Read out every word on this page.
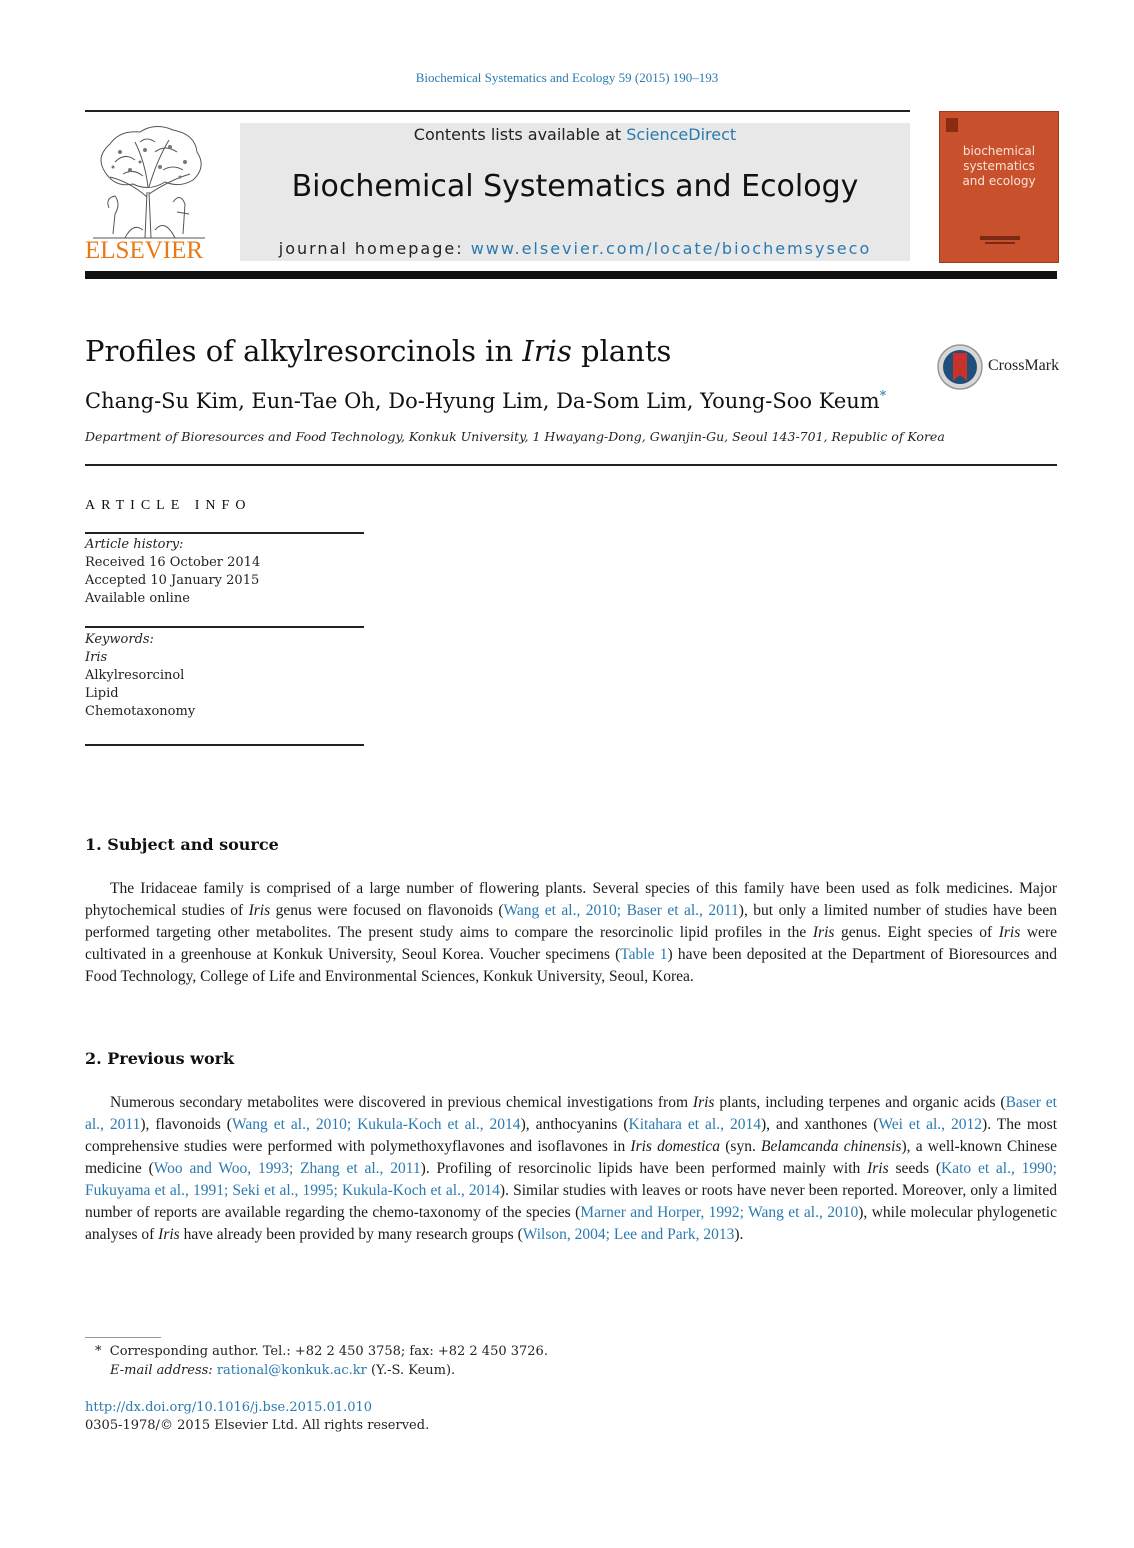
Biochemical Systematics and Ecology 59 (2015) 190–193
ELSEVIER
Contents lists available at ScienceDirect
Biochemical Systematics and Ecology
journal homepage: www.elsevier.com/locate/biochemsyseco
biochemical
systematics
and ecology
Profiles of alkylresorcinols in Iris plants	CrossMark
Chang-Su Kim, Eun-Tae Oh, Do-Hyung Lim, Da-Som Lim, Young-Soo Keum*
Department of Bioresources and Food Technology, Konkuk University, 1 Hwayang-Dong, Gwanjin-Gu, Seoul 143-701, Republic of Korea
ARTICLE INFO
Article history:
Received 16 October 2014
Accepted 10 January 2015
Available online
Keywords:
Iris
Alkylresorcinol
Lipid
Chemotaxonomy
1. Subject and source

The Iridaceae family is comprised of a large number of flowering plants. Several species of this family have been used as folk medicines. Major phytochemical studies of Iris genus were focused on flavonoids (Wang et al., 2010; Baser et al., 2011), but only a limited number of studies have been performed targeting other metabolites. The present study aims to compare the resorcinolic lipid profiles in the Iris genus. Eight species of Iris were cultivated in a greenhouse at Konkuk University, Seoul Korea. Voucher specimens (Table 1) have been deposited at the Department of Bioresources and Food Technology, College of Life and Environmental Sciences, Konkuk University, Seoul, Korea.

2. Previous work

Numerous secondary metabolites were discovered in previous chemical investigations from Iris plants, including terpenes and organic acids (Baser et al., 2011), flavonoids (Wang et al., 2010; Kukula-Koch et al., 2014), anthocyanins (Kitahara et al., 2014), and xanthones (Wei et al., 2012). The most comprehensive studies were performed with polymethoxyflavones and isoflavones in Iris domestica (syn. Belamcanda chinensis), a well-known Chinese medicine (Woo and Woo, 1993; Zhang et al., 2011). Profiling of resorcinolic lipids have been performed mainly with Iris seeds (Kato et al., 1990; Fukuyama et al., 1991; Seki et al., 1995; Kukula-Koch et al., 2014). Similar studies with leaves or roots have never been reported. Moreover, only a limited number of reports are available regarding the chemo-taxonomy of the species (Marner and Horper, 1992; Wang et al., 2010), while molecular phylogenetic analyses of Iris have already been provided by many research groups (Wilson, 2004; Lee and Park, 2013).

* Corresponding author. Tel.: +82 2 450 3758; fax: +82 2 450 3726.
E-mail address: rational@konkuk.ac.kr (Y.-S. Keum).
http://dx.doi.org/10.1016/j.bse.2015.01.010
0305-1978/© 2015 Elsevier Ltd. All rights reserved.
